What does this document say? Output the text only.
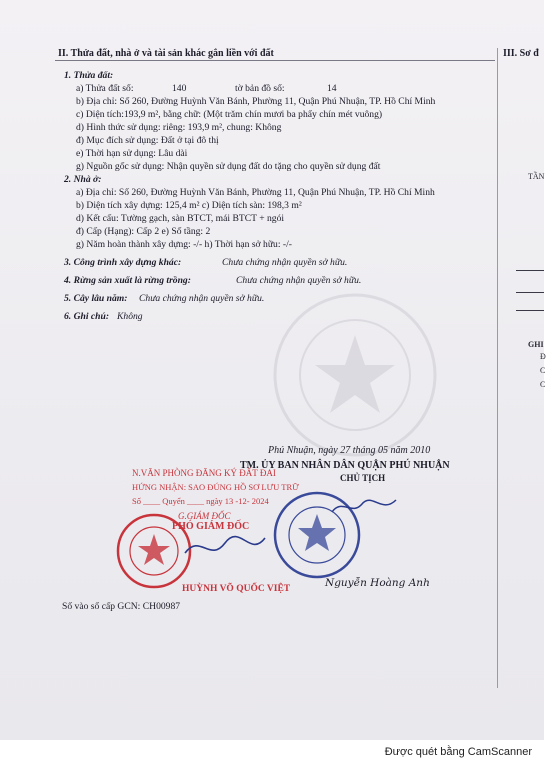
II. Thửa đất, nhà ở và tài sản khác gắn liền với đất	III. Sơ đ
1. Thửa đất:
a) Thửa đất số:	140	tờ bản đồ số:	14
b) Địa chỉ: Số 260, Đường Huỳnh Văn Bánh, Phường 11, Quận Phú Nhuận, TP. Hồ Chí Minh
c) Diện tích:193,9 m², bằng chữ: (Một trăm chín mươi ba phẩy chín mét vuông)
d) Hình thức sử dụng: riêng: 193,9 m², chung: Không
đ) Mục đích sử dụng: Đất ở tại đô thị
e) Thời hạn sử dụng: Lâu dài
g) Nguồn gốc sử dụng: Nhận quyền sử dụng đất do tặng cho quyền sử dụng đất
2. Nhà ở:
a) Địa chỉ: Số 260, Đường Huỳnh Văn Bánh, Phường 11, Quận Phú Nhuận, TP. Hồ Chí Minh
b) Diện tích xây dựng: 125,4 m² c) Diện tích sàn: 198,3 m²
d) Kết cấu: Tường gạch, sàn BTCT, mái BTCT + ngói
đ) Cấp (Hạng): Cấp 2 e) Số tầng: 2
g) Năm hoàn thành xây dựng: -/- h) Thời hạn sở hữu: -/-
3. Công trình xây dựng khác:	Chưa chứng nhận quyền sở hữu.
4. Rừng sản xuất là rừng trồng:	Chưa chứng nhận quyền sở hữu.
5. Cây lâu năm: Chưa chứng nhận quyền sở hữu.
6. Ghi chú: Không
Phú Nhuận, ngày 27 tháng 05 năm 2010
TM. ỦY BAN NHÂN DÂN QUẬN PHÚ NHUẬN
CHỦ TỊCH
N.VĂN PHÒNG ĐĂNG KÝ ĐẤT ĐAI
HỨNG NHẬN: SAO ĐÚNG HỒ SƠ LƯU TRỮ
Số ____ Quyển ____ ngày 13 -12- 2024
G.GIÁM ĐỐC
PHÓ GIÁM ĐỐC
HUỲNH VÕ QUỐC VIỆT	Nguyễn Hoàng Anh
Số vào sổ cấp GCN: CH00987
TẦN
GHI
Đ
C
C
Được quét bằng CamScanner
